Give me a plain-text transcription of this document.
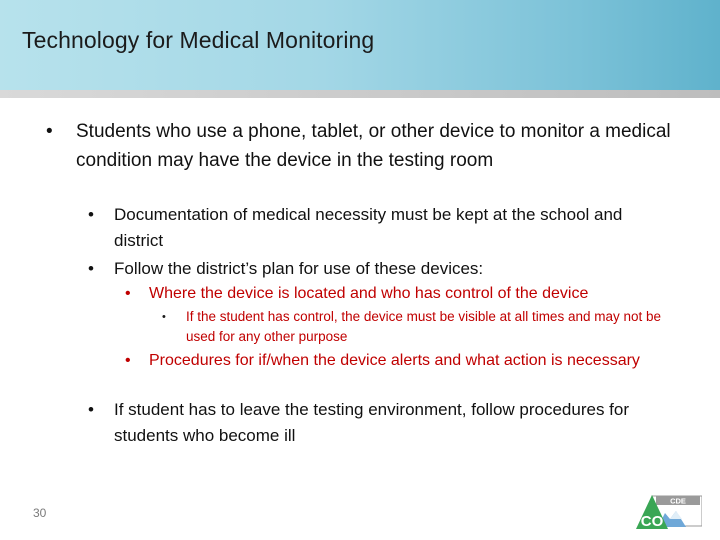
Technology for Medical Monitoring
• Students who use a phone, tablet, or other device to monitor a medical condition may have the device in the testing room
• Documentation of medical necessity must be kept at the school and district
• Follow the district’s plan for use of these devices:
• Where the device is located and who has control of the device
• If the student has control, the device must be visible at all times and may not be used for any other purpose
• Procedures for if/when the device alerts and what action is necessary
• If student has to leave the testing environment, follow procedures for students who become ill
30
CDE
CO
